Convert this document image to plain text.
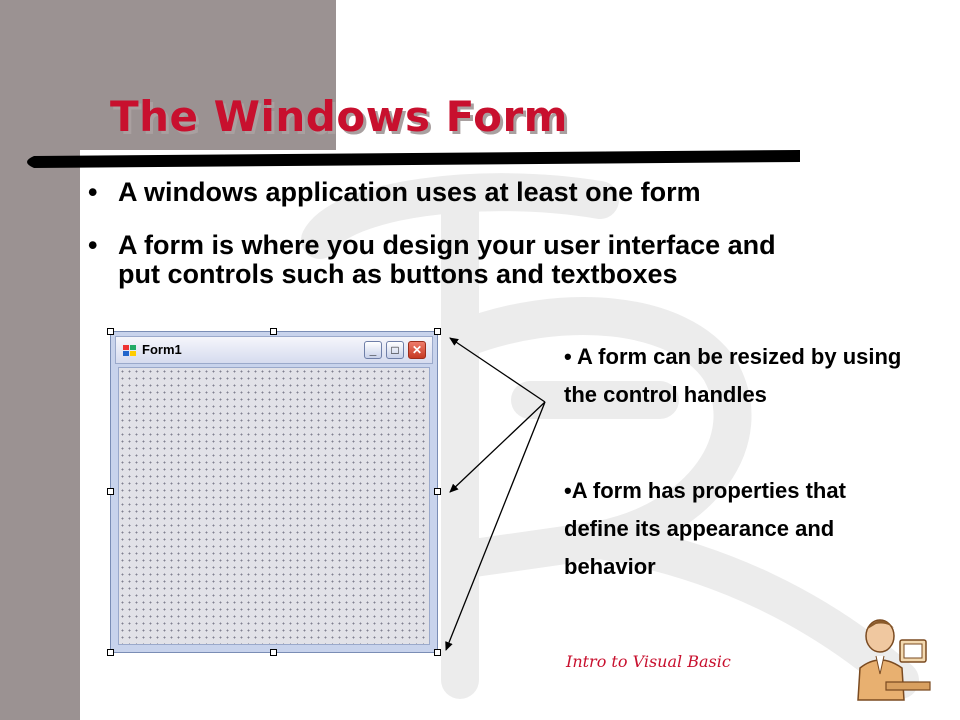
The Windows Form
• A windows application uses at least one form
• A form is where you design your user interface and put controls such as buttons and textboxes
Form1	_	□	✕	• A form can be resized by using the control handles
•A form has properties that define its appearance and behavior
Intro to Visual Basic
